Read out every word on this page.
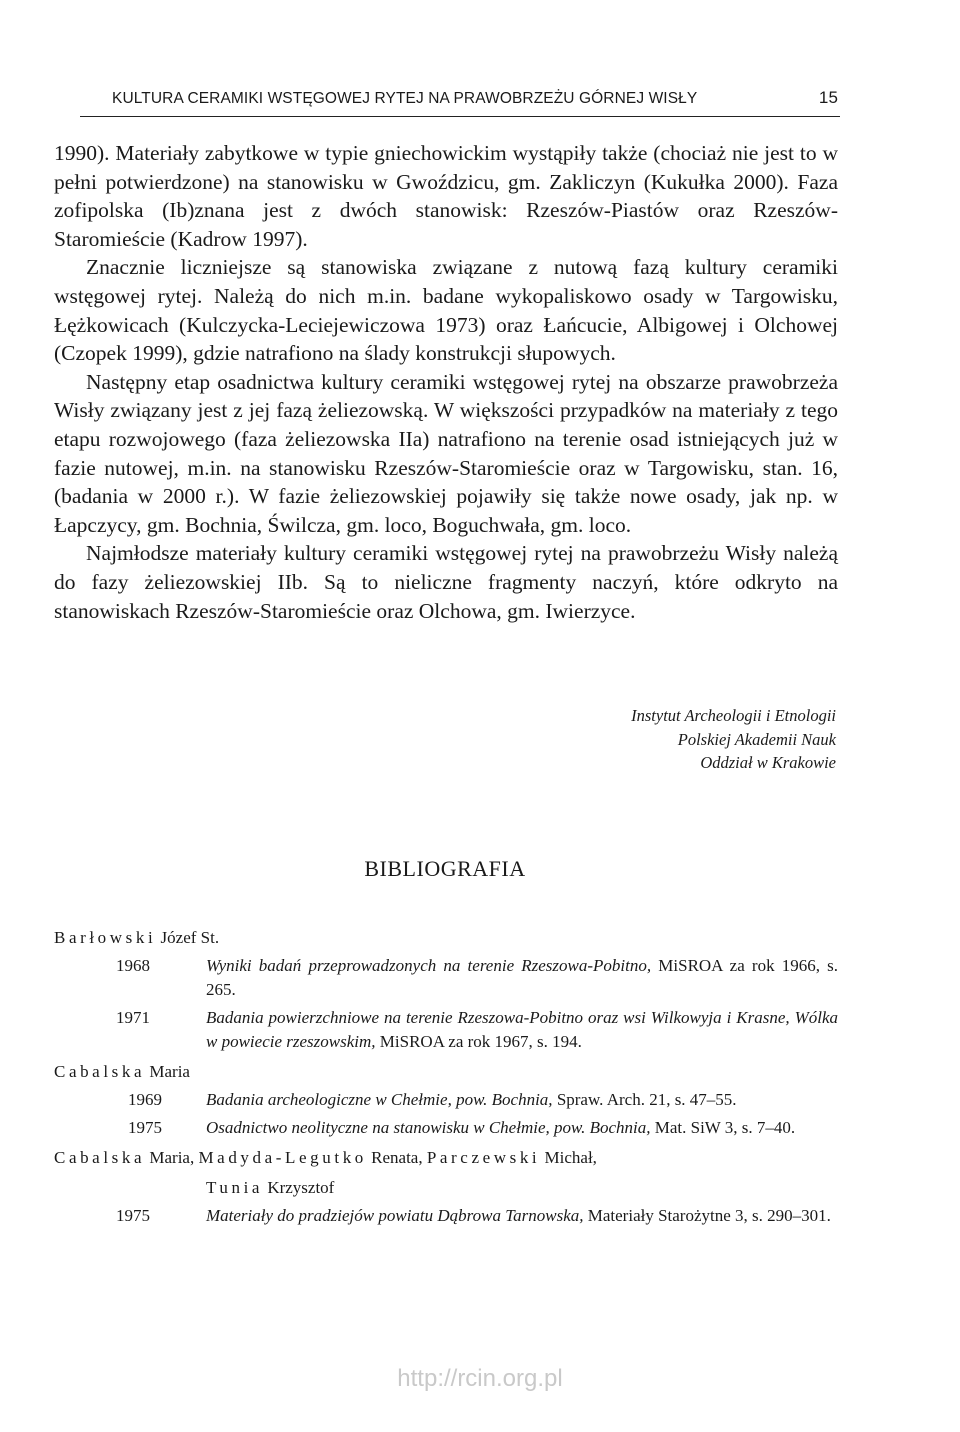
KULTURA CERAMIKI WSTĘGOWEJ RYTEJ NA PRAWOBRZEŻU GÓRNEJ WISŁY	15

1990). Materiały zabytkowe w typie gniechowickim wystąpiły także (chociaż nie jest to w pełni potwierdzone) na stanowisku w Gwoździcu, gm. Zakliczyn (Kukułka 2000). Faza zofipolska (Ib)znana jest z dwóch stanowisk: Rzeszów-Piastów oraz Rzeszów-Staromieście (Kadrow 1997).

Znacznie liczniejsze są stanowiska związane z nutową fazą kultury ceramiki wstęgowej rytej. Należą do nich m.in. badane wykopaliskowo osady w Targowisku, Łężkowicach (Kulczycka-Leciejewiczowa 1973) oraz Łańcucie, Albigowej i Olchowej (Czopek 1999), gdzie natrafiono na ślady konstrukcji słupowych.

Następny etap osadnictwa kultury ceramiki wstęgowej rytej na obszarze prawobrzeża Wisły związany jest z jej fazą żeliezowską. W większości przypadków na materiały z tego etapu rozwojowego (faza żeliezowska IIa) natrafiono na terenie osad istniejących już w fazie nutowej, m.in. na stanowisku Rzeszów-Staromieście oraz w Targowisku, stan. 16, (badania w 2000 r.). W fazie żeliezowskiej pojawiły się także nowe osady, jak np. w Łapczycy, gm. Bochnia, Świlcza, gm. loco, Boguchwała, gm. loco.

Najmłodsze materiały kultury ceramiki wstęgowej rytej na prawobrzeżu Wisły należą do fazy żeliezowskiej IIb. Są to nieliczne fragmenty naczyń, które odkryto na stanowiskach Rzeszów-Staromieście oraz Olchowa, gm. Iwierzyce.

Instytut Archeologii i Etnologii
Polskiej Akademii Nauk
Oddział w Krakowie
BIBLIOGRAFIA
Barłowski Józef St.
1968	Wyniki badań przeprowadzonych na terenie Rzeszowa-Pobitno, MiSROA za rok 1966, s. 265.
1971	Badania powierzchniowe na terenie Rzeszowa-Pobitno oraz wsi Wilkowyja i Krasne, Wólka w powiecie rzeszowskim, MiSROA za rok 1967, s. 194.
Cabalska Maria
1969	Badania archeologiczne w Chełmie, pow. Bochnia, Spraw. Arch. 21, s. 47–55.
1975	Osadnictwo neolityczne na stanowisku w Chełmie, pow. Bochnia, Mat. SiW 3, s. 7–40.
Cabalska Maria, Madyda-Legutko Renata, Parczewski Michał,
Tunia Krzysztof
1975	Materiały do pradziejów powiatu Dąbrowa Tarnowska, Materiały Starożytne 3, s. 290–301.
http://rcin.org.pl
